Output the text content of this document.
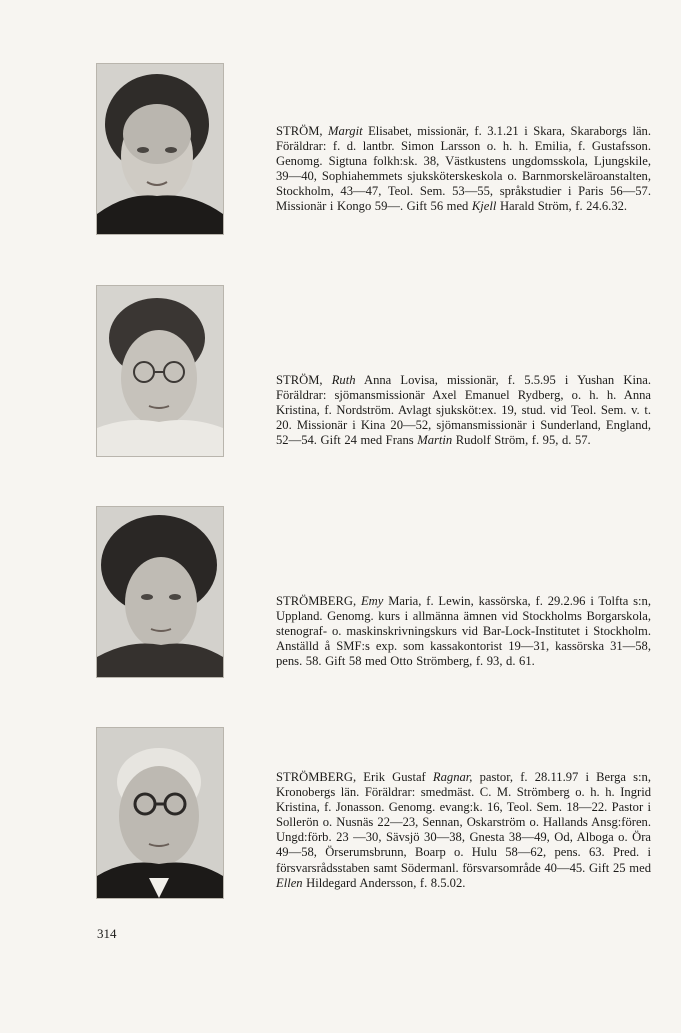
STRÖM, Margit Elisabet, missionär, f. 3.1.21 i Skara, Skaraborgs län. Föräldrar: f. d. lantbr. Simon Larsson o. h. h. Emilia, f. Gustafsson. Genomg. Sigtuna folkh:sk. 38, Västkustens ungdomsskola, Ljungskile, 39—40, Sophiahemmets sjuksköterskeskola o. Barnmorskeläroanstalten, Stockholm, 43—47, Teol. Sem. 53—55, språkstudier i Paris 56—57. Missionär i Kongo 59—. Gift 56 med Kjell Harald Ström, f. 24.6.32.
STRÖM, Ruth Anna Lovisa, missionär, f. 5.5.95 i Yushan Kina. Föräldrar: sjömansmissionär Axel Emanuel Rydberg, o. h. h. Anna Kristina, f. Nordström. Avlagt sjuksköt:ex. 19, stud. vid Teol. Sem. v. t. 20. Missionär i Kina 20—52, sjömansmissionär i Sunderland, England, 52—54. Gift 24 med Frans Martin Rudolf Ström, f. 95, d. 57.
STRÖMBERG, Emy Maria, f. Lewin, kassörska, f. 29.2.96 i Tolfta s:n, Uppland. Genomg. kurs i allmänna ämnen vid Stockholms Borgarskola, stenograf- o. maskinskrivningskurs vid Bar-Lock-Institutet i Stockholm. Anställd å SMF:s exp. som kassakontorist 19—31, kassörska 31—58, pens. 58. Gift 58 med Otto Strömberg, f. 93, d. 61.
STRÖMBERG, Erik Gustaf Ragnar, pastor, f. 28.11.97 i Berga s:n, Kronobergs län. Föräldrar: smedmäst. C. M. Strömberg o. h. h. Ingrid Kristina, f. Jonasson. Genomg. evang:k. 16, Teol. Sem. 18—22. Pastor i Sollerön o. Nusnäs 22—23, Sennan, Oskarström o. Hallands Ansg:fören. Ungd:förb. 23 —30, Sävsjö 30—38, Gnesta 38—49, Od, Alboga o. Öra 49—58, Örserumsbrunn, Boarp o. Hulu 58—62, pens. 63. Pred. i försvarsrådsstaben samt Södermanl. försvarsområde 40—45. Gift 25 med Ellen Hildegard Andersson, f. 8.5.02.
314
